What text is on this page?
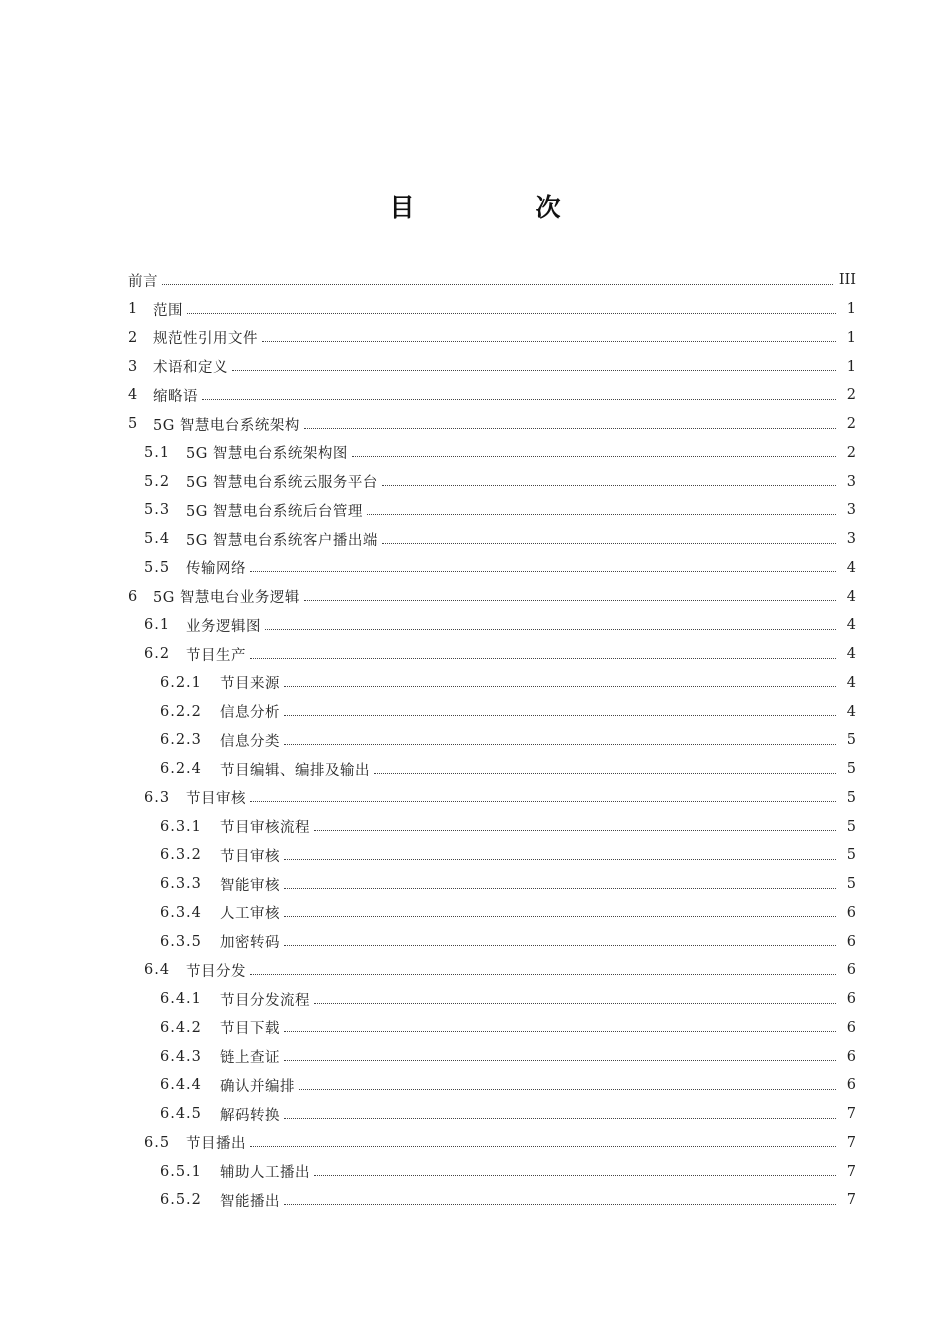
目　次
前言	III
1	范围	1
2	规范性引用文件	1
3	术语和定义	1
4	缩略语	2
5	5G 智慧电台系统架构	2
5.1	5G 智慧电台系统架构图	2
5.2	5G 智慧电台系统云服务平台	3
5.3	5G 智慧电台系统后台管理	3
5.4	5G 智慧电台系统客户播出端	3
5.5	传输网络	4
6	5G 智慧电台业务逻辑	4
6.1	业务逻辑图	4
6.2	节目生产	4
6.2.1	节目来源	4
6.2.2	信息分析	4
6.2.3	信息分类	5
6.2.4	节目编辑、编排及输出	5
6.3	节目审核	5
6.3.1	节目审核流程	5
6.3.2	节目审核	5
6.3.3	智能审核	5
6.3.4	人工审核	6
6.3.5	加密转码	6
6.4	节目分发	6
6.4.1	节目分发流程	6
6.4.2	节目下载	6
6.4.3	链上查证	6
6.4.4	确认并编排	6
6.4.5	解码转换	7
6.5	节目播出	7
6.5.1	辅助人工播出	7
6.5.2	智能播出	7
